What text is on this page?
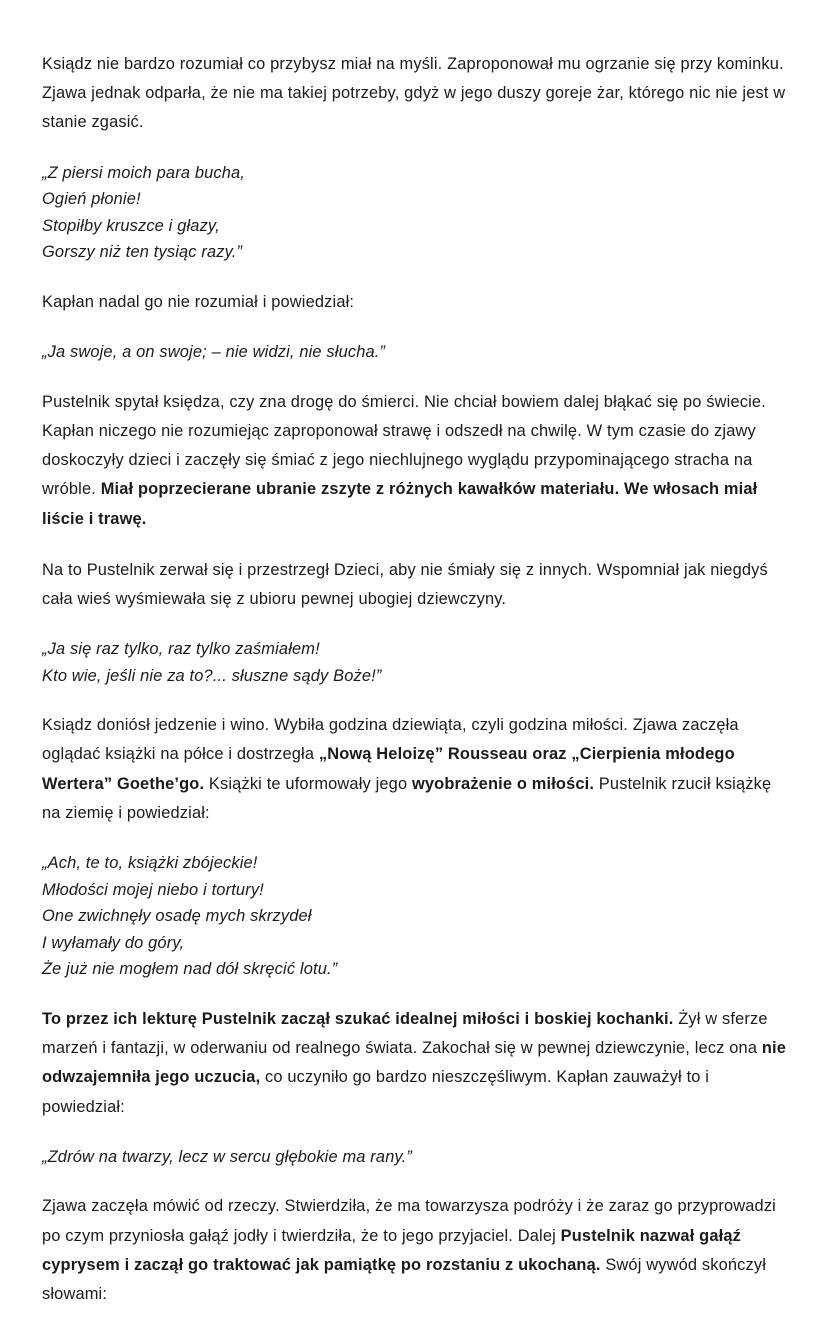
Ksiądz nie bardzo rozumiał co przybysz miał na myśli. Zaproponował mu ogrzanie się przy kominku. Zjawa jednak odparła, że nie ma takiej potrzeby, gdyż w jego duszy goreje żar, którego nic nie jest w stanie zgasić.

„Z piersi moich para bucha,
Ogień płonie!
Stopiłby kruszce i głazy,
Gorszy niż ten tysiąc razy.”

Kapłan nadal go nie rozumiał i powiedział:

„Ja swoje, a on swoje; – nie widzi, nie słucha.”

Pustelnik spytał księdza, czy zna drogę do śmierci. Nie chciał bowiem dalej błąkać się po świecie. Kapłan niczego nie rozumiejąc zaproponował strawę i odszedł na chwilę. W tym czasie do zjawy doskoczyły dzieci i zaczęły się śmiać z jego niechlujnego wyglądu przypominającego stracha na wróble. Miał poprzecierane ubranie zszyte z różnych kawałków materiału. We włosach miał liście i trawę.

Na to Pustelnik zerwał się i przestrzegł Dzieci, aby nie śmiały się z innych. Wspomniał jak niegdyś cała wieś wyśmiewała się z ubioru pewnej ubogiej dziewczyny.

„Ja się raz tylko, raz tylko zaśmiałem!
Kto wie, jeśli nie za to?... słuszne sądy Boże!”

Ksiądz doniósł jedzenie i wino. Wybiła godzina dziewiąta, czyli godzina miłości. Zjawa zaczęła oglądać książki na półce i dostrzegła „Nową Heloizę” Rousseau oraz „Cierpienia młodego Wertera” Goethe’go. Książki te uformowały jego wyobrażenie o miłości. Pustelnik rzucił książkę na ziemię i powiedział:

„Ach, te to, książki zbójeckie!
Młodości mojej niebo i tortury!
One zwichnęły osadę mych skrzydeł
I wyłamały do góry,
Że już nie mogłem nad dół skręcić lotu.”

To przez ich lekturę Pustelnik zaczął szukać idealnej miłości i boskiej kochanki. Żył w sferze marzeń i fantazji, w oderwaniu od realnego świata. Zakochał się w pewnej dziewczynie, lecz ona nie odwzajemniła jego uczucia, co uczyniło go bardzo nieszczęśliwym. Kapłan zauważył to i powiedział:

„Zdrów na twarzy, lecz w sercu głębokie ma rany.”

Zjawa zaczęła mówić od rzeczy. Stwierdziła, że ma towarzysza podróży i że zaraz go przyprowadzi po czym przyniosła gałąź jodły i twierdziła, że to jego przyjaciel. Dalej Pustelnik nazwał gałąź cyprysem i zaczął go traktować jak pamiątkę po rozstaniu z ukochaną. Swój wywód skończył słowami:
